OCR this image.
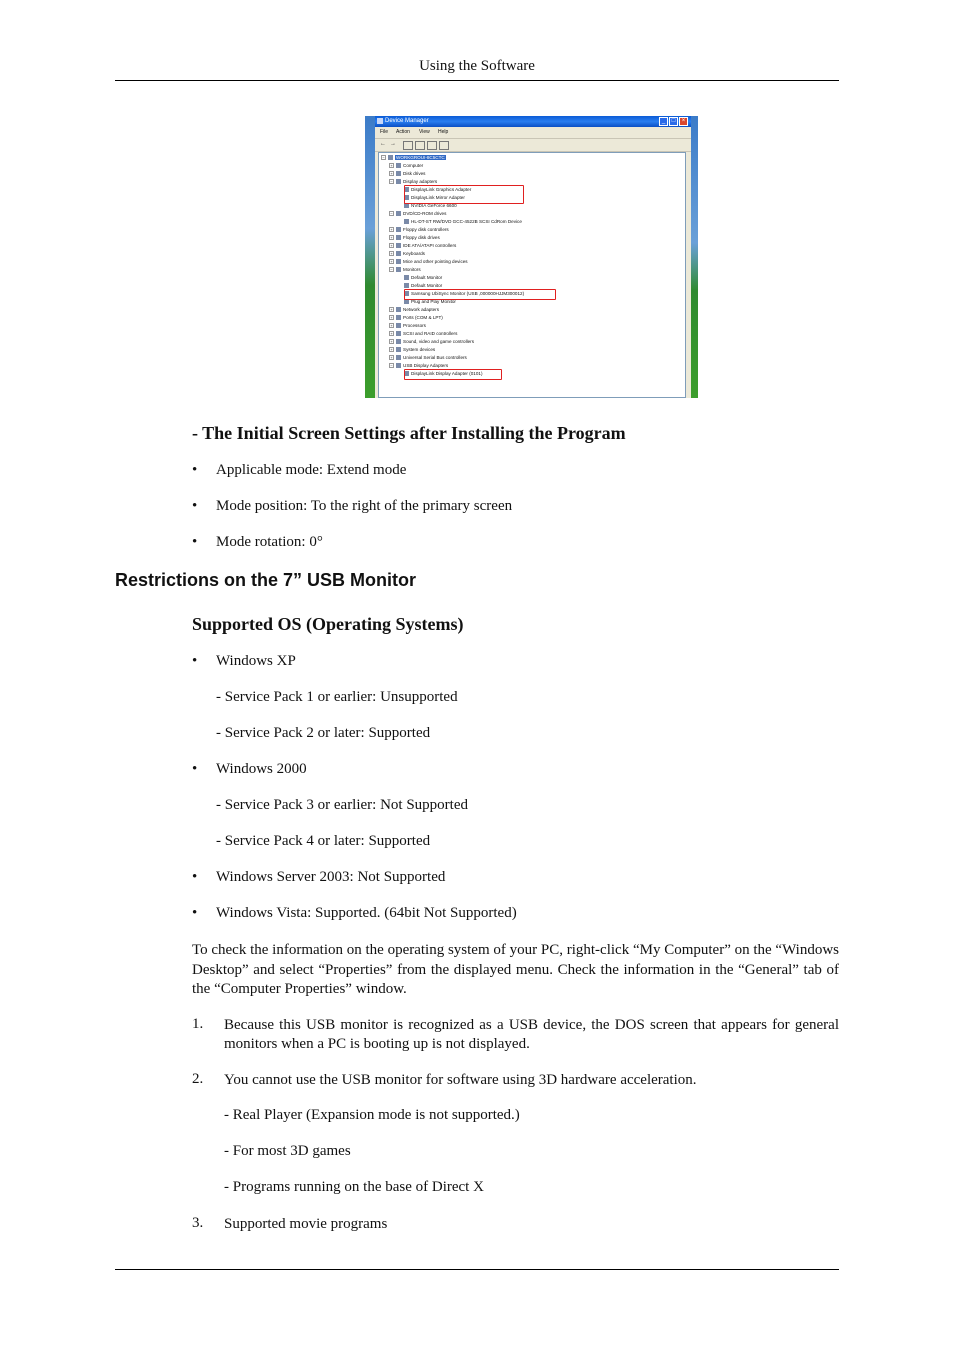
Using the Software
Device Manager	_	□	×
File Action View Help
← →
− WORKGROUI-8C5CTC
+ Computer
+ Disk drives
− Display adapters
DisplayLink Graphics Adapter
DisplayLink Mirror Adapter
NVIDIA GeForce 6600
− DVD/CD-ROM drives
HL-DT-ST RW/DVD GCC-4522B SCSI CdRom Device
+ Floppy disk controllers
+ Floppy disk drives
+ IDE ATA/ATAPI controllers
+ Keyboards
+ Mice and other pointing devices
− Monitors
Default Monitor
Default Monitor
Samsung UbiSync Monitor (USB ,000000HJJM300012)
Plug and Play Monitor
+ Network adapters
+ Ports (COM & LPT)
+ Processors
+ SCSI and RAID controllers
+ Sound, video and game controllers
+ System devices
+ Universal Serial Bus controllers
− USB Display Adapters
DisplayLink Display Adapter (0101)
- The Initial Screen Settings after Installing the Program
• Applicable mode: Extend mode
• Mode position: To the right of the primary screen
• Mode rotation: 0°
Restrictions on the 7” USB Monitor
Supported OS (Operating Systems)
• Windows XP
- Service Pack 1 or earlier: Unsupported
- Service Pack 2 or later: Supported
• Windows 2000
- Service Pack 3 or earlier: Not Supported
- Service Pack 4 or later: Supported
• Windows Server 2003: Not Supported
• Windows Vista: Supported. (64bit Not Supported)
To check the information on the operating system of your PC, right-click “My Computer” on the “Windows Desktop” and select “Properties” from the displayed menu. Check the information in the “General” tab of the “Computer Properties” window.
1. Because this USB monitor is recognized as a USB device, the DOS screen that appears for general monitors when a PC is booting up is not displayed.
2. You cannot use the USB monitor for software using 3D hardware acceleration.
- Real Player (Expansion mode is not supported.)
- For most 3D games
- Programs running on the base of Direct X
3. Supported movie programs
